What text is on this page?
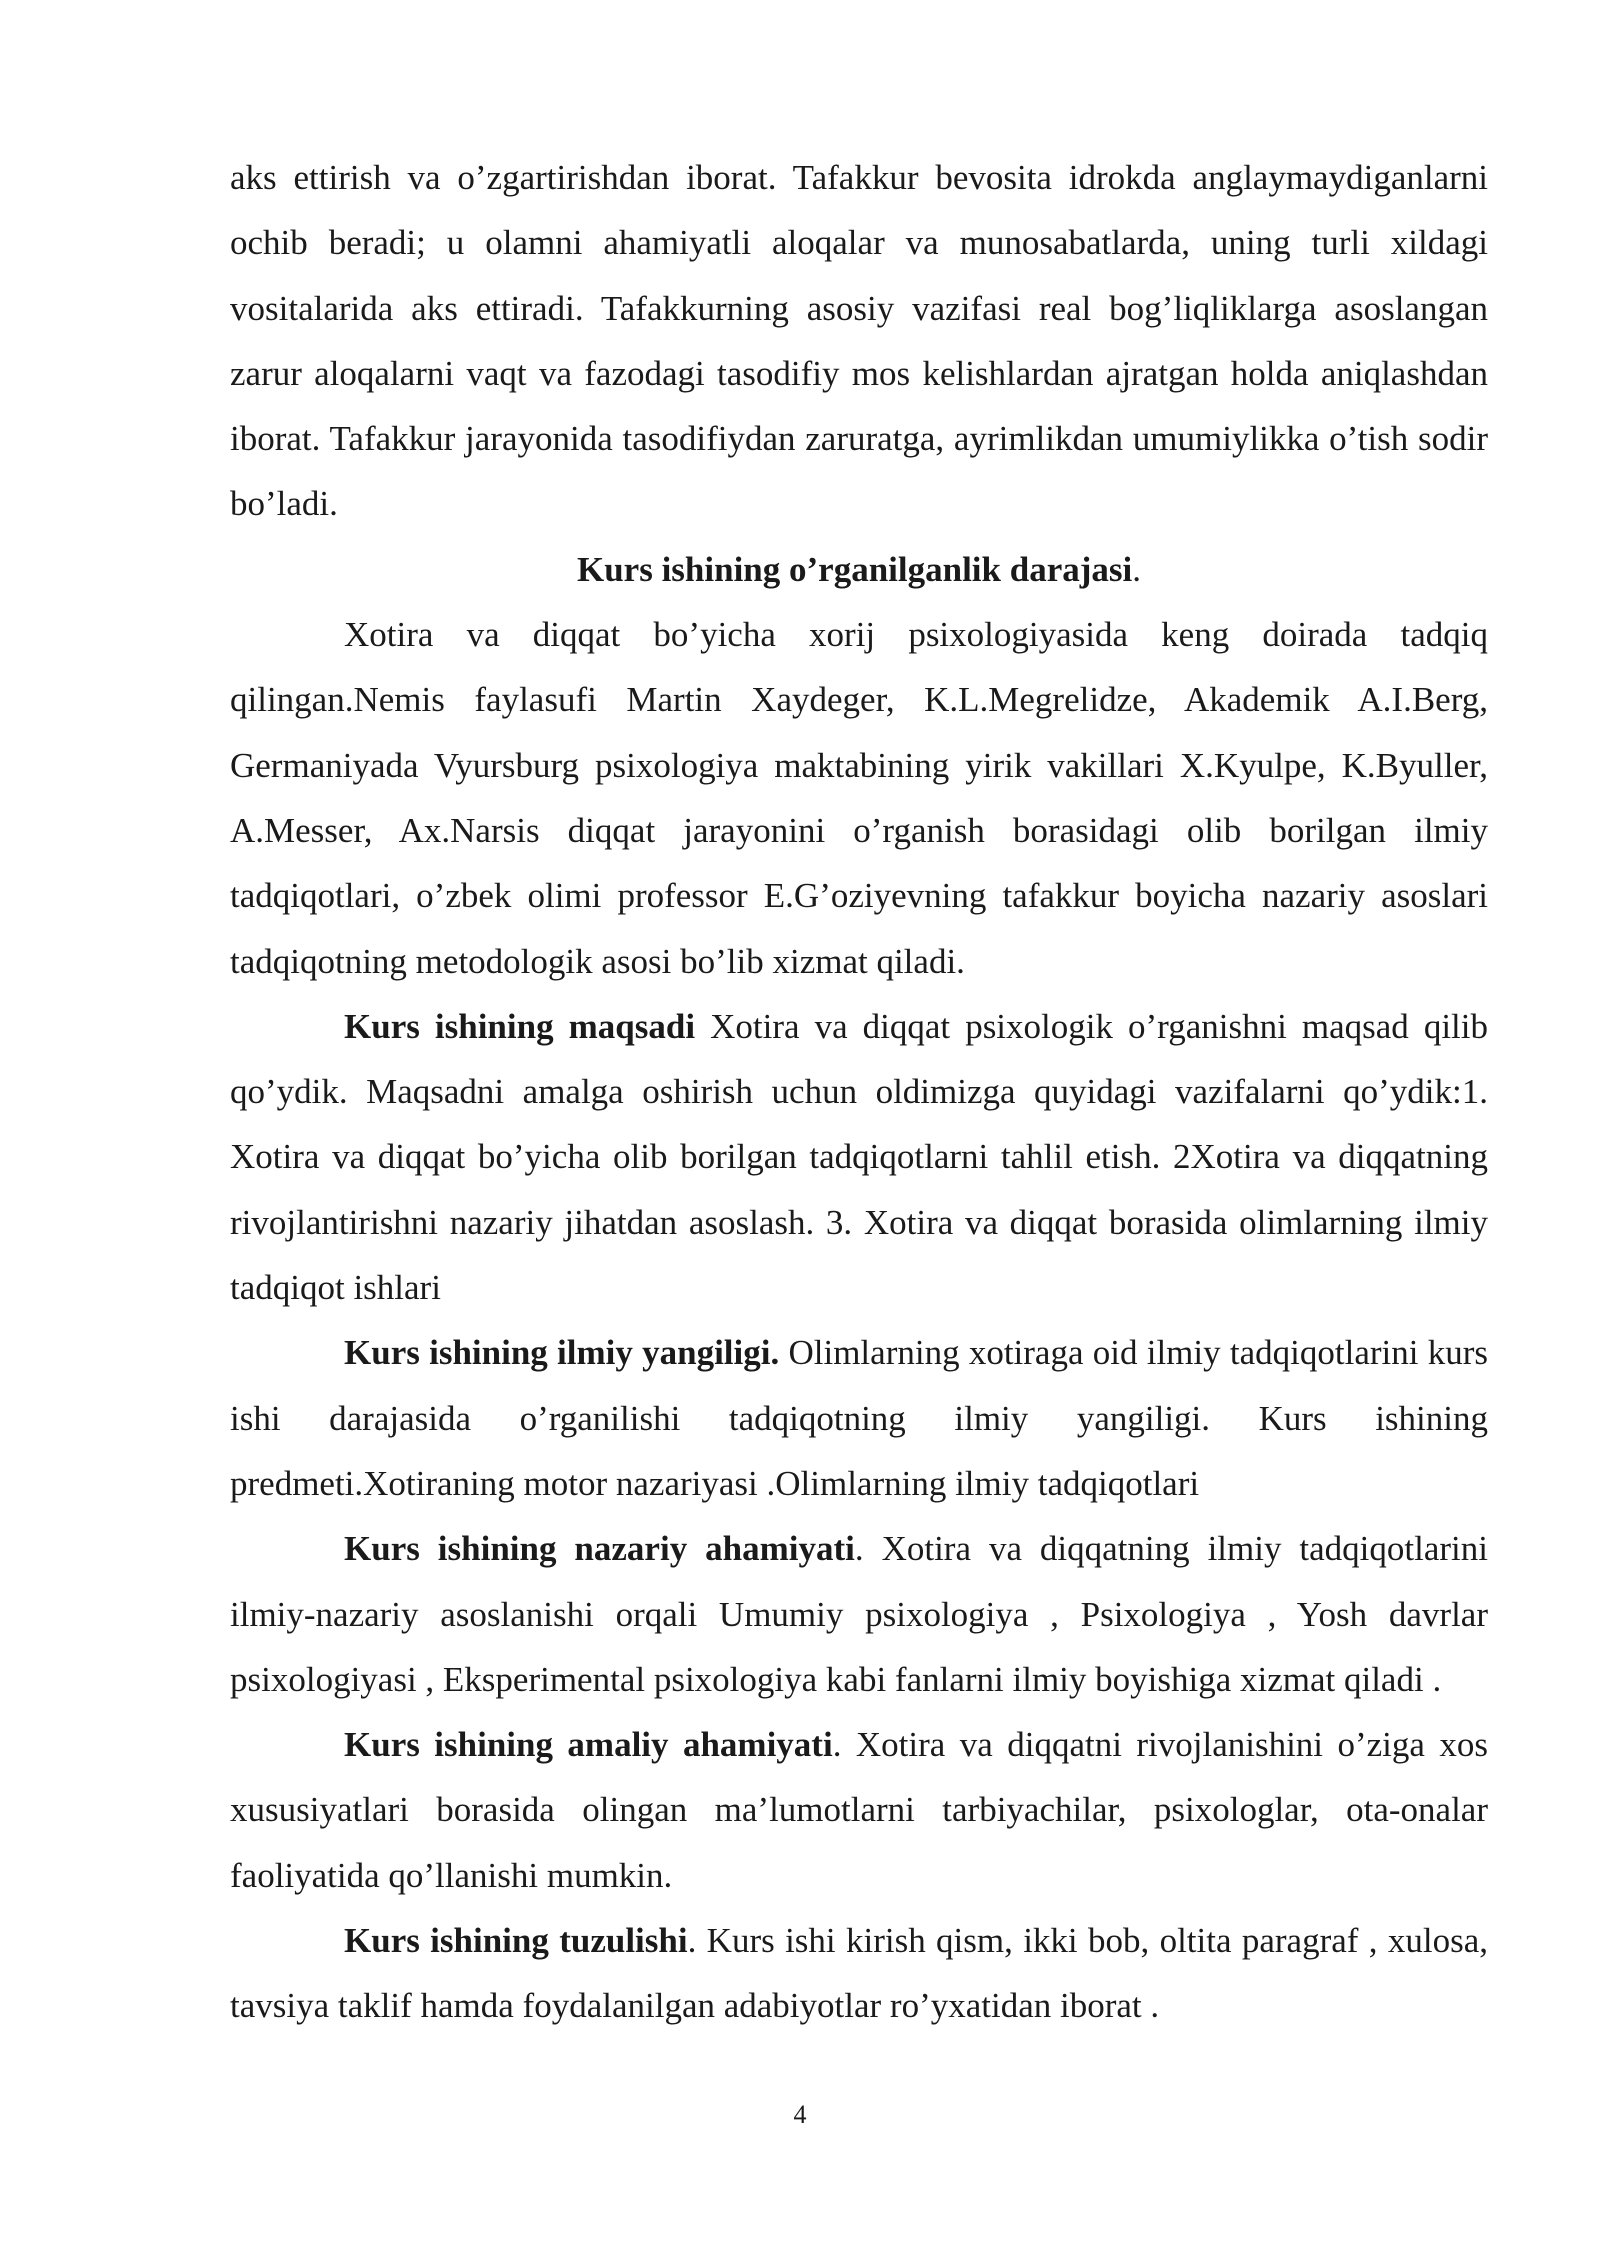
aks ettirish va o’zgartirishdan iborat. Tafakkur bevosita idrokda anglaymaydiganlarni ochib beradi; u olamni ahamiyatli aloqalar va munosabatlarda, uning turli xildagi vositalarida aks ettiradi. Tafakkurning asosiy vazifasi real bog’liqliklarga asoslangan zarur aloqalarni vaqt va fazodagi tasodifiy mos kelishlardan ajratgan holda aniqlashdan iborat. Tafakkur jarayonida tasodifiydan zaruratga, ayrimlikdan umumiylikka o’tish sodir bo’ladi.

Kurs ishining o’rganilganlik darajasi.

Xotira va diqqat bo’yicha xorij psixologiyasida keng doirada tadqiq qilingan.Nemis faylasufi Martin Xaydeger, K.L.Megrelidze, Akademik A.I.Berg, Germaniyada Vyursburg psixologiya maktabining yirik vakillari X.Kyulpe, K.Byuller, A.Messer, Ax.Narsis diqqat jarayonini o’rganish borasidagi olib borilgan ilmiy tadqiqotlari, o’zbek olimi professor E.G’oziyevning tafakkur boyicha nazariy asoslari tadqiqotning metodologik asosi bo’lib xizmat qiladi.

Kurs ishining maqsadi Xotira va diqqat psixologik o’rganishni maqsad qilib qo’ydik. Maqsadni amalga oshirish uchun oldimizga quyidagi vazifalarni qo’ydik:1. Xotira va diqqat bo’yicha olib borilgan tadqiqotlarni tahlil etish. 2Xotira va diqqatning rivojlantirishni nazariy jihatdan asoslash. 3. Xotira va diqqat borasida olimlarning ilmiy tadqiqot ishlari

Kurs ishining ilmiy yangiligi. Olimlarning xotiraga oid ilmiy tadqiqotlarini kurs ishi darajasida o’rganilishi tadqiqotning ilmiy yangiligi. Kurs ishining predmeti.Xotiraning motor nazariyasi .Olimlarning ilmiy tadqiqotlari

Kurs ishining nazariy ahamiyati. Xotira va diqqatning ilmiy tadqiqotlarini ilmiy-nazariy asoslanishi orqali Umumiy psixologiya , Psixologiya , Yosh davrlar psixologiyasi , Eksperimental psixologiya kabi fanlarni ilmiy boyishiga xizmat qiladi .

Kurs ishining amaliy ahamiyati. Xotira va diqqatni rivojlanishini o’ziga xos xususiyatlari borasida olingan ma’lumotlarni tarbiyachilar, psixologlar, ota-onalar faoliyatida qo’llanishi mumkin.

Kurs ishining tuzulishi. Kurs ishi kirish qism, ikki bob, oltita paragraf , xulosa, tavsiya taklif hamda foydalanilgan adabiyotlar ro’yxatidan iborat .

4
